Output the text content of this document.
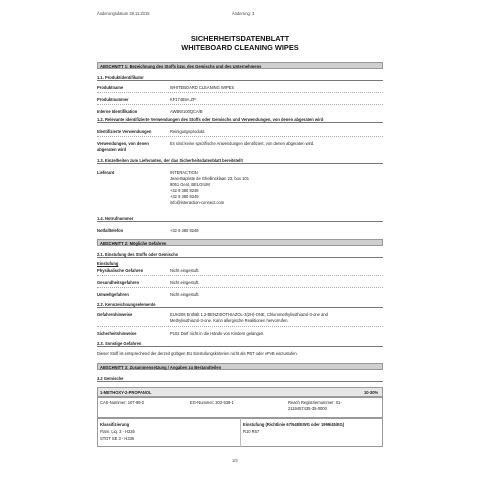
Änderungsdatum 28.11.2015	Änderung: 3
SICHERHEITSDATENBLATT
WHITEBOARD CLEANING WIPES
ABSCHNITT 1: Bezeichnung des Stoffs bzw. des Gemischs und des Unternehmens
1.1. Produktidentifikator
Produktname	WHITEBOARD CLEANING WIPES
Produktnummer	KF17489A,ZP
Interne Identifikation	AWBW100QCA/B
1.2. Relevante identifizierte Verwendungen des Stoffs oder Gemischs und Verwendungen, von denen abgeraten wird
Identifizierte Verwendungen	Reinigungsprodukt.
Verwendungen, von denen
abgeraten wird
Es sind keine spezifische Anwendungen identifiziert, von denen abgeraten wird.
1.3. Einzelheiten zum Lieferanten, der das Sicherheitsdatenblatt bereitstellt
Lieferant	INTERACTION
Jean-Baptiste de Ghellincklaan 23, box 101
9051 Gent, BELGIUM
+32 9 380 8248
+32 9 380 8249
info@interaction-connect.com
1.4. Notrufnummer
Notfalltelefon	+32 9 380 8248
ABSCHNITT 2: Mögliche Gefahren
2.1. Einstufung des Stoffs oder Gemischs
Einstufung
Physikalische Gefahren	Nicht eingestuft.
Gesundheitsgefahren	Nicht eingestuft.
Umweltgefahren	Nicht eingestuft.
2.2. Kennzeichnungselemente
Gefahrenhinweise	EUH208 Enthält 1,2-BENZISOTHIAZOL-3(2H)-ONE, Chloromethylisothiazol-3-one and
Methylisothiazol-3-one. Kann allergische Reaktionen hervorrufen.
Sicherheitshinweise	P102 Darf nicht in die Hände von Kindern gelangen.
2.3. Sonstige Gefahren
Dieser Stoff ist entsprechend der derzeit gültigen EU Einstufungskriterien nicht als PBT oder vPvB einzustufen.
ABSCHNITT 3: Zusammensetzung / Angaben zu Bestandteilen
3.2 Gemische
1-METHOXY-2-PROPANOL	10-30%
CAS-Nummer: 107-98-2	EG-Nummer: 203-539-1	Reach Registriernummer: 01-
2119457435-35-0000
Klassifizierung
Flam. Liq. 3 - H226
STOT SE 3 - H336
Einstufung (Richtlinie 67/548/EWG oder 1999/45/EG)
R10 R67
1/3
